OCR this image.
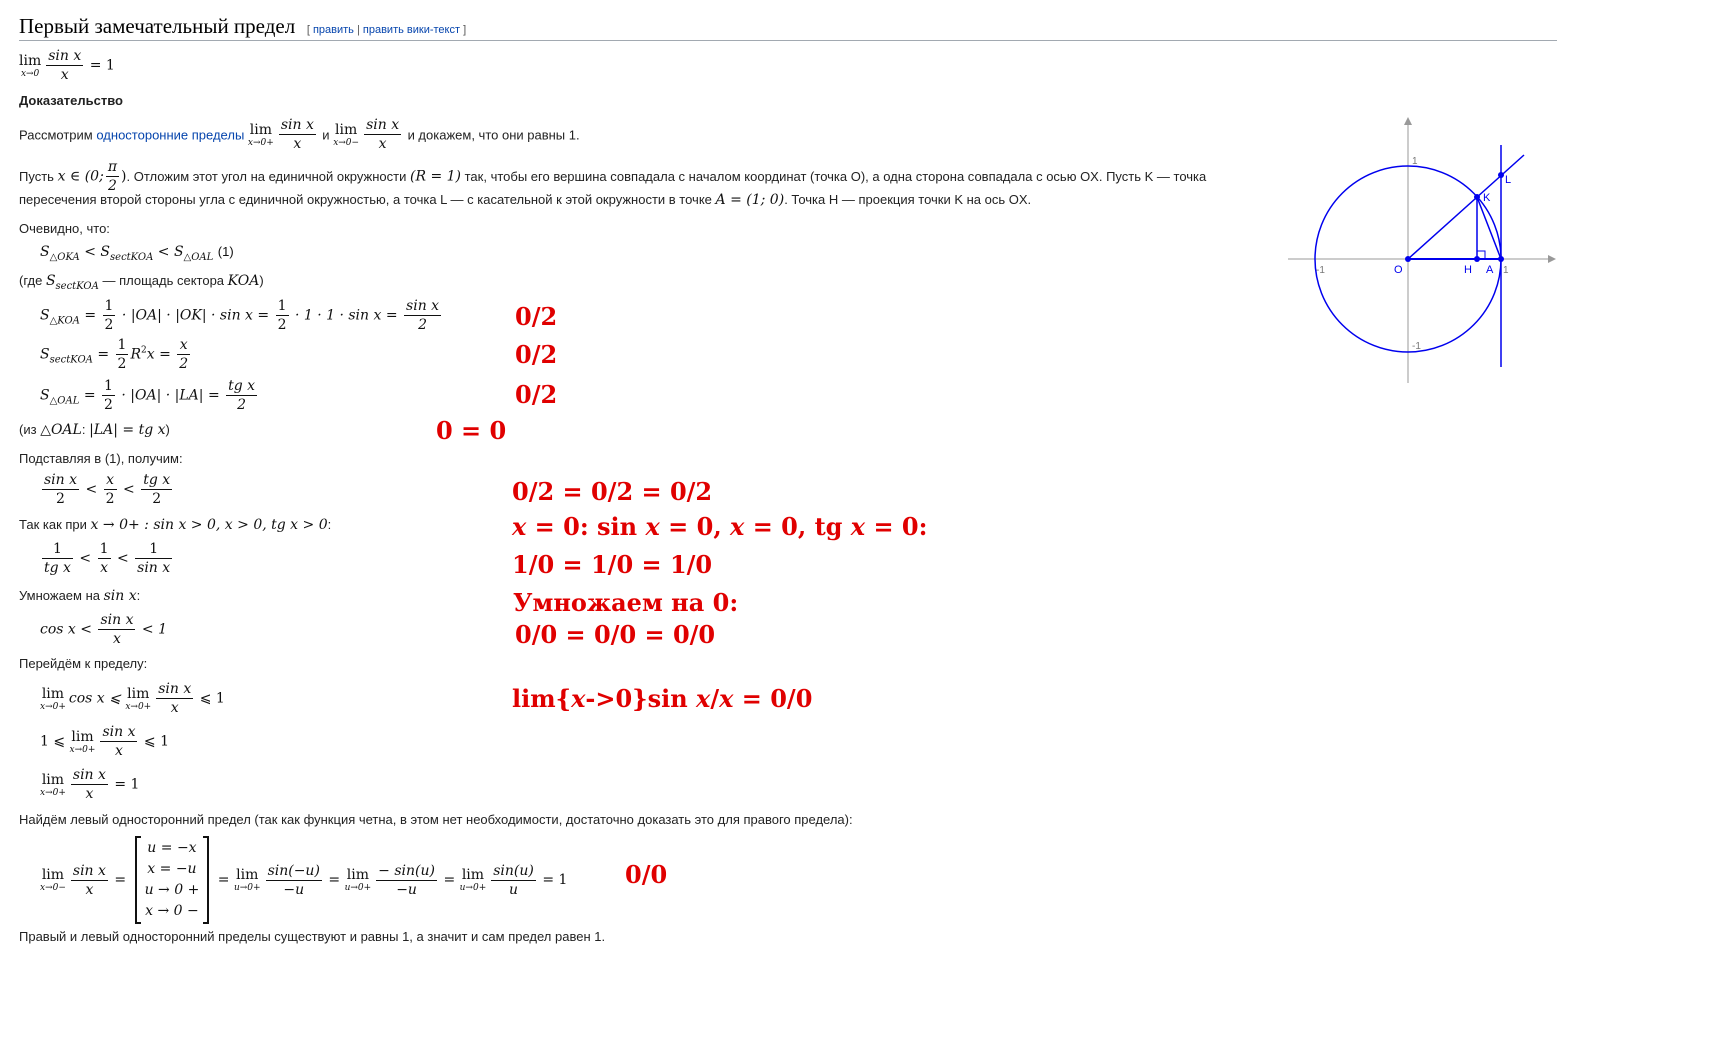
Первый замечательный предел [ править | править вики-текст ]
lim
$x\to 0 \frac{\text{sin x}}{x} = 1$
Доказательство
Рассмотрим односторонние пределы lim
$x\to 0+ \frac{\text{sin x}}{x}$ и lim
$x\to 0- \frac{\text{sin x}}{x}$ и докажем, что они равны 1.
Пусть x ∈ (0; $\frac{\pi}{2}$ ). Отложим этот угол на единичной окружности (R = 1) так, чтобы его вершина совпадала с началом координат (точка O), а одна сторона совпадала с осью OX. Пусть K — точка
пересечения второй стороны угла с единичной окружностью, а точка L — с касательной к этой окружности в точке A = (1; 0). Точка H — проекция точки K на ось OX.
Очевидно, что:
$S_{\triangle OKA} < S_{sectKOA} < S_{\triangle OAL}$ (1)
(где $S_{sectKOA}$ — площадь сектора KOA)
$S_{\triangle KOA} = \frac{1}{2} \cdot |OA| \cdot |OK| \cdot \sin x = \frac{1}{2} \cdot 1 \cdot 1 \cdot \sin x = \frac{\text{sin x}}{2}$
$S_{sectKOA} = \frac{1}{2} R^2x = \frac{x}{2}$
$S_{\triangle OAL} = \frac{1}{2} \cdot |OA| \cdot |LA| = \frac{\text{tg x}}{2}$
(из △OAL: |LA| = tg x)
Подставляя в (1), получим:
$\frac{\text{sin x}}{2} < \frac{x}{2} < \frac{\text{tg x}}{2}$
Так как при x → 0+ : sin x > 0, x > 0, tg x > 0:
$\frac{1}{\text{tg x}} < \frac{1}{x} < \frac{1}{\text{sin x}}$
Умножаем на sin x:
$\cos x < \frac{\text{sin x}}{x} < 1$
Перейдём к пределу:
lim
x→0+ cos x ⩽ lim
$x\to 0+ \frac{\text{sin x}}{x}$ ⩽ 1
1 ⩽ lim
$x\to 0+ \frac{\text{sin x}}{x}$ ⩽ 1
lim
$x\to 0+ \frac{\text{sin x}}{x} = 1$
Найдём левый односторонний предел (так как функция четна, в этом нет необходимости, достаточно доказать это для правого предела):
lim
$x\to 0- \frac{\text{sin x}}{x}$ =
u = −x
x = −u
u → 0 +
x → 0 −
= lim
$u\to 0+ \frac{\sin(-u)}{-u} = \lim$
$u\to 0+ \frac{- \sin(u)}{-u} = \lim$
$u\to 0+ \frac{\sin(u)}{u} = 1$
Правый и левый односторонний пределы существуют и равны 1, а значит и сам предел равен 1.
0/2
0/2
0/2
0 = 0
0/2 = 0/2 = 0/2
x = 0: sin x = 0, x = 0, tg x = 0:
1/0 = 1/0 = 1/0
Умножаем на 0:
0/0 = 0/0 = 0/0
lim{x->0}sin x/x = 0/0
0/0
1
-1
-1
1
O	H A
K
L
